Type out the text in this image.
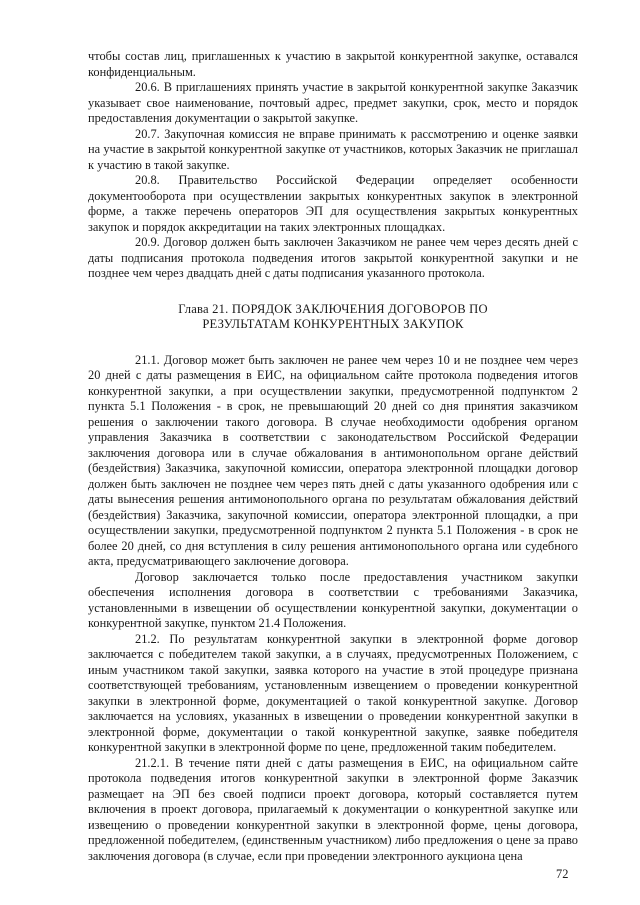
чтобы состав лиц, приглашенных к участию в закрытой конкурентной закупке, оставался конфиденциальным.

20.6. В приглашениях принять участие в закрытой конкурентной закупке Заказчик указывает свое наименование, почтовый адрес, предмет закупки, срок, место и порядок предоставления документации о закрытой закупке.

20.7. Закупочная комиссия не вправе принимать к рассмотрению и оценке заявки на участие в закрытой конкурентной закупке от участников, которых Заказчик не приглашал к участию в такой закупке.

20.8. Правительство Российской Федерации определяет особенности документооборота при осуществлении закрытых конкурентных закупок в электронной форме, а также перечень операторов ЭП для осуществления закрытых конкурентных закупок и порядок аккредитации на таких электронных площадках.

20.9. Договор должен быть заключен Заказчиком не ранее чем через десять дней с даты подписания протокола подведения итогов закрытой конкурентной закупки и не позднее чем через двадцать дней с даты подписания указанного протокола.

Глава 21. ПОРЯДОК ЗАКЛЮЧЕНИЯ ДОГОВОРОВ ПО
РЕЗУЛЬТАТАМ КОНКУРЕНТНЫХ ЗАКУПОК

21.1. Договор может быть заключен не ранее чем через 10 и не позднее чем через 20 дней с даты размещения в ЕИС, на официальном сайте протокола подведения итогов конкурентной закупки, а при осуществлении закупки, предусмотренной подпунктом 2 пункта 5.1 Положения - в срок, не превышающий 20 дней со дня принятия заказчиком решения о заключении такого договора. В случае необходимости одобрения органом управления Заказчика в соответствии с законодательством Российской Федерации заключения договора или в случае обжалования в антимонопольном органе действий (бездействия) Заказчика, закупочной комиссии, оператора электронной площадки договор должен быть заключен не позднее чем через пять дней с даты указанного одобрения или с даты вынесения решения антимонопольного органа по результатам обжалования действий (бездействия) Заказчика, закупочной комиссии, оператора электронной площадки, а при осуществлении закупки, предусмотренной подпунктом 2 пункта 5.1 Положения - в срок не более 20 дней, со дня вступления в силу решения антимонопольного органа или судебного акта, предусматривающего заключение договора.

Договор заключается только после предоставления участником закупки обеспечения исполнения договора в соответствии с требованиями Заказчика, установленными в извещении об осуществлении конкурентной закупки, документации о конкурентной закупке, пунктом 21.4 Положения.

21.2. По результатам конкурентной закупки в электронной форме договор заключается с победителем такой закупки, а в случаях, предусмотренных Положением, с иным участником такой закупки, заявка которого на участие в этой процедуре признана соответствующей требованиям, установленным извещением о проведении конкурентной закупки в электронной форме, документацией о такой конкурентной закупке. Договор заключается на условиях, указанных в извещении о проведении конкурентной закупки в электронной форме, документации о такой конкурентной закупке, заявке победителя конкурентной закупки в электронной форме по цене, предложенной таким победителем.

21.2.1. В течение пяти дней с даты размещения в ЕИС, на официальном сайте протокола подведения итогов конкурентной закупки в электронной форме Заказчик размещает на ЭП без своей подписи проект договора, который составляется путем включения в проект договора, прилагаемый к документации о конкурентной закупке или извещению о проведении конкурентной закупки в электронной форме, цены договора, предложенной победителем, (единственным участником) либо предложения о цене за право заключения договора (в случае, если при проведении электронного аукциона цена

72
